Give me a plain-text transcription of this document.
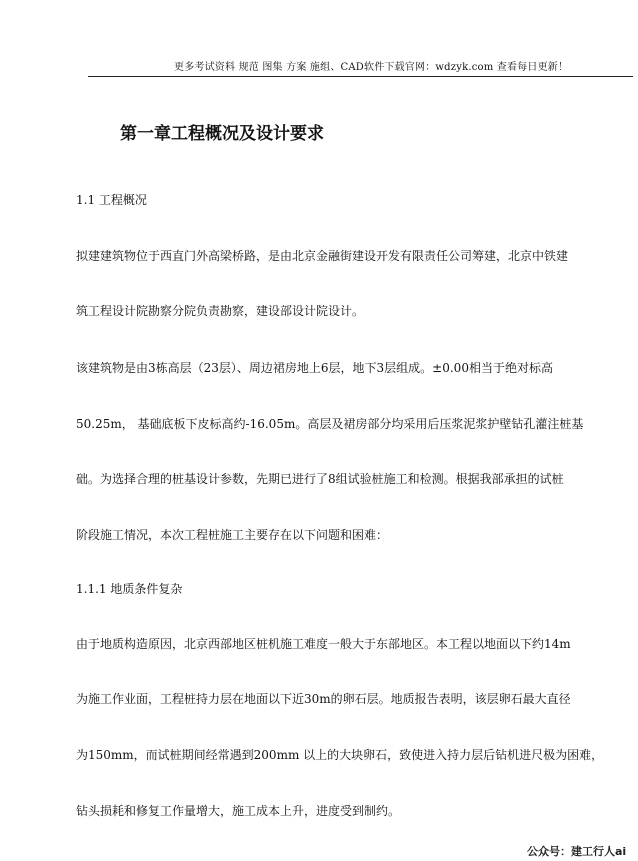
更多考试资料 规范 图集 方案 施组、CAD软件下载官网：wdzyk.com 查看每日更新！
第一章工程概况及设计要求
1.1 工程概况
拟建建筑物位于西直门外高梁桥路，是由北京金融街建设开发有限责任公司筹建，北京中铁建
筑工程设计院勘察分院负责勘察，建设部设计院设计。
该建筑物是由3栋高层（23层）、周边裙房地上6层，地下3层组成。±0.00相当于绝对标高
50.25m， 基础底板下皮标高约-16.05m。高层及裙房部分均采用后压浆泥浆护壁钻孔灌注桩基
础。为选择合理的桩基设计参数，先期已进行了8组试验桩施工和检测。根据我部承担的试桩
阶段施工情况，本次工程桩施工主要存在以下问题和困难：
1.1.1 地质条件复杂
由于地质构造原因，北京西部地区桩机施工难度一般大于东部地区。本工程以地面以下约14m
为施工作业面，工程桩持力层在地面以下近30m的卵石层。地质报告表明，该层卵石最大直径
为150mm，而试桩期间经常遇到200mm 以上的大块卵石，致使进入持力层后钻机进尺极为困难，
钻头损耗和修复工作量增大，施工成本上升，进度受到制约。
公众号：建工行人ai
